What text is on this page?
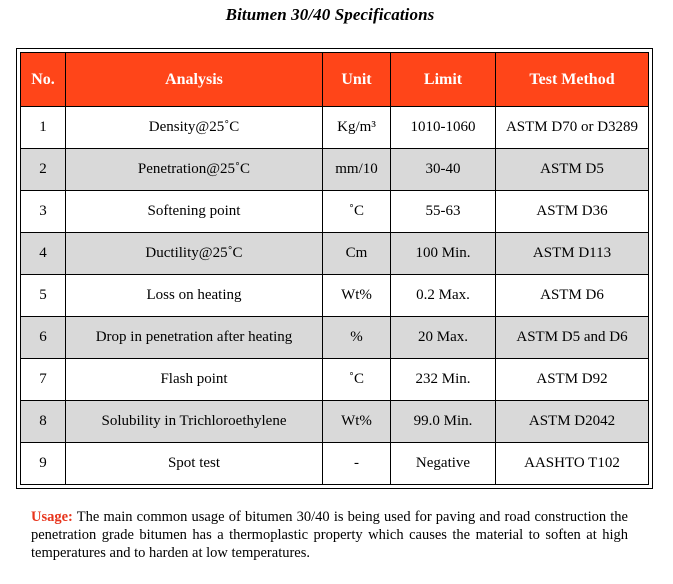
Bitumen 30/40 Specifications
No.	Analysis	Unit	Limit	Test Method
1	Density@25˚C	Kg/m³	1010-1060	ASTM D70 or D3289
2	Penetration@25˚C	mm/10	30-40	ASTM D5
3	Softening point	˚C	55-63	ASTM D36
4	Ductility@25˚C	Cm	100 Min.	ASTM D113
5	Loss on heating	Wt%	0.2 Max.	ASTM D6
6	Drop in penetration after heating	%	20 Max.	ASTM D5 and D6
7	Flash point	˚C	232 Min.	ASTM D92
8	Solubility in Trichloroethylene	Wt%	99.0 Min.	ASTM D2042
9	Spot test	-	Negative	AASHTO T102
Usage: The main common usage of bitumen 30/40 is being used for paving and road construction the penetration grade bitumen has a thermoplastic property which causes the material to soften at high temperatures and to harden at low temperatures.
